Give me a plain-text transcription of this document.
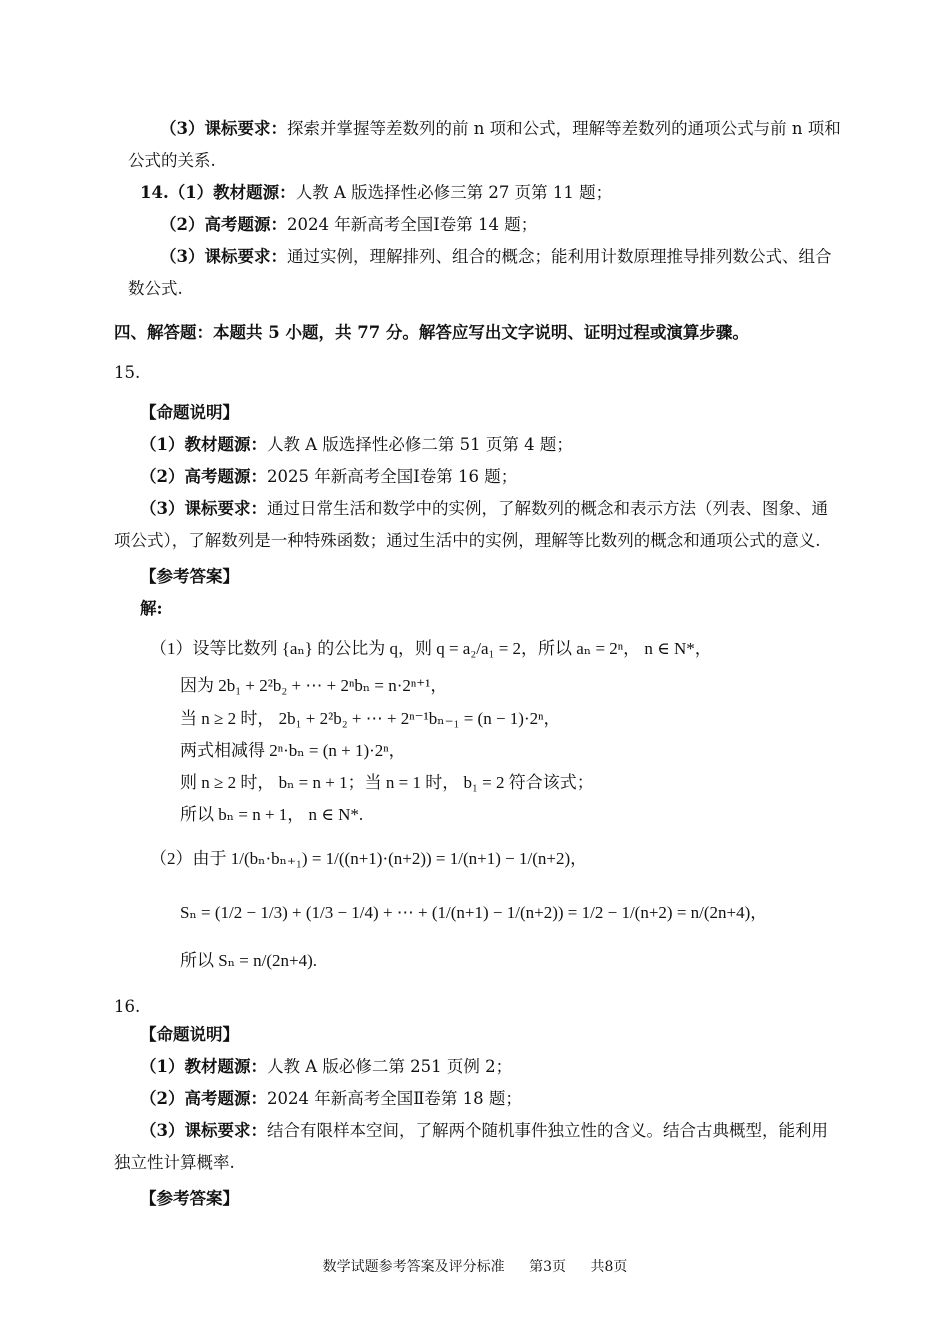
（3）课标要求：探索并掌握等差数列的前 n 项和公式，理解等差数列的通项公式与前 n 项和
公式的关系.
14.（1）教材题源：人教 A 版选择性必修三第 27 页第 11 题；
（2）高考题源：2024 年新高考全国Ⅰ卷第 14 题；
（3）课标要求：通过实例，理解排列、组合的概念；能利用计数原理推导排列数公式、组合
数公式.
四、解答题：本题共 5 小题，共 77 分。解答应写出文字说明、证明过程或演算步骤。
15.
【命题说明】
（1）教材题源：人教 A 版选择性必修二第 51 页第 4 题；
（2）高考题源：2025 年新高考全国Ⅰ卷第 16 题；
（3）课标要求：通过日常生活和数学中的实例，了解数列的概念和表示方法（列表、图象、通
项公式），了解数列是一种特殊函数；通过生活中的实例，理解等比数列的概念和通项公式的意义.
【参考答案】
解:
（1）设等比数列 {aₙ} 的公比为 q，则 q = a₂/a₁ = 2，所以 aₙ = 2ⁿ， n ∈ N*，
因为 2b₁ + 2²b₂ + ⋯ + 2ⁿbₙ = n·2ⁿ⁺¹，
当 n ≥ 2 时， 2b₁ + 2²b₂ + ⋯ + 2ⁿ⁻¹bₙ₋₁ = (n − 1)·2ⁿ，
两式相减得 2ⁿ·bₙ = (n + 1)·2ⁿ，
则 n ≥ 2 时， bₙ = n + 1；当 n = 1 时， b₁ = 2 符合该式；
所以 bₙ = n + 1， n ∈ N*.
（2）由于 1/(bₙ·bₙ₊₁) = 1/((n+1)·(n+2)) = 1/(n+1) − 1/(n+2)，
Sₙ = (1/2 − 1/3) + (1/3 − 1/4) + ⋯ + (1/(n+1) − 1/(n+2)) = 1/2 − 1/(n+2) = n/(2n+4)，
所以 Sₙ = n/(2n+4).
16.
【命题说明】
（1）教材题源：人教 A 版必修二第 251 页例 2；
（2）高考题源：2024 年新高考全国Ⅱ卷第 18 题；
（3）课标要求：结合有限样本空间，了解两个随机事件独立性的含义。结合古典概型，能利用
独立性计算概率.
【参考答案】
数学试题参考答案及评分标准 第3页 共8页
